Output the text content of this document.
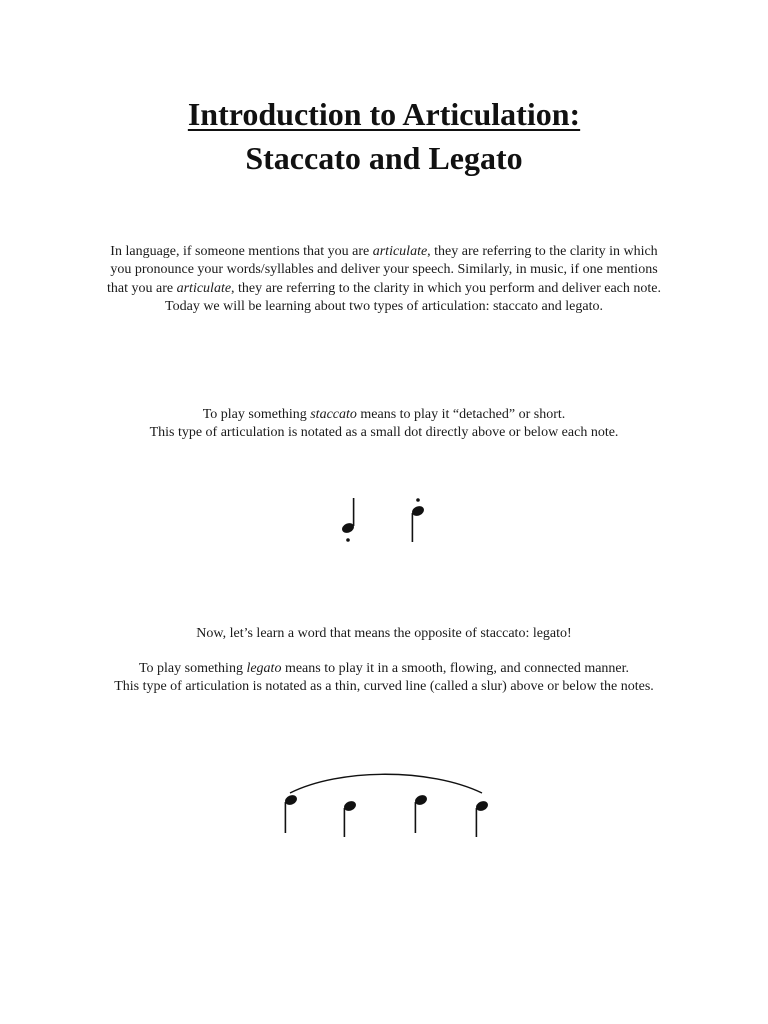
Introduction to Articulation:
Staccato and Legato

In language, if someone mentions that you are articulate, they are referring to the clarity in which
you pronounce your words/syllables and deliver your speech. Similarly, in music, if one mentions
that you are articulate, they are referring to the clarity in which you perform and deliver each note.
Today we will be learning about two types of articulation: staccato and legato.

To play something staccato means to play it “detached” or short.
This type of articulation is notated as a small dot directly above or below each note.

Now, let’s learn a word that means the opposite of staccato: legato!

To play something legato means to play it in a smooth, flowing, and connected manner.
This type of articulation is notated as a thin, curved line (called a slur) above or below the notes.
